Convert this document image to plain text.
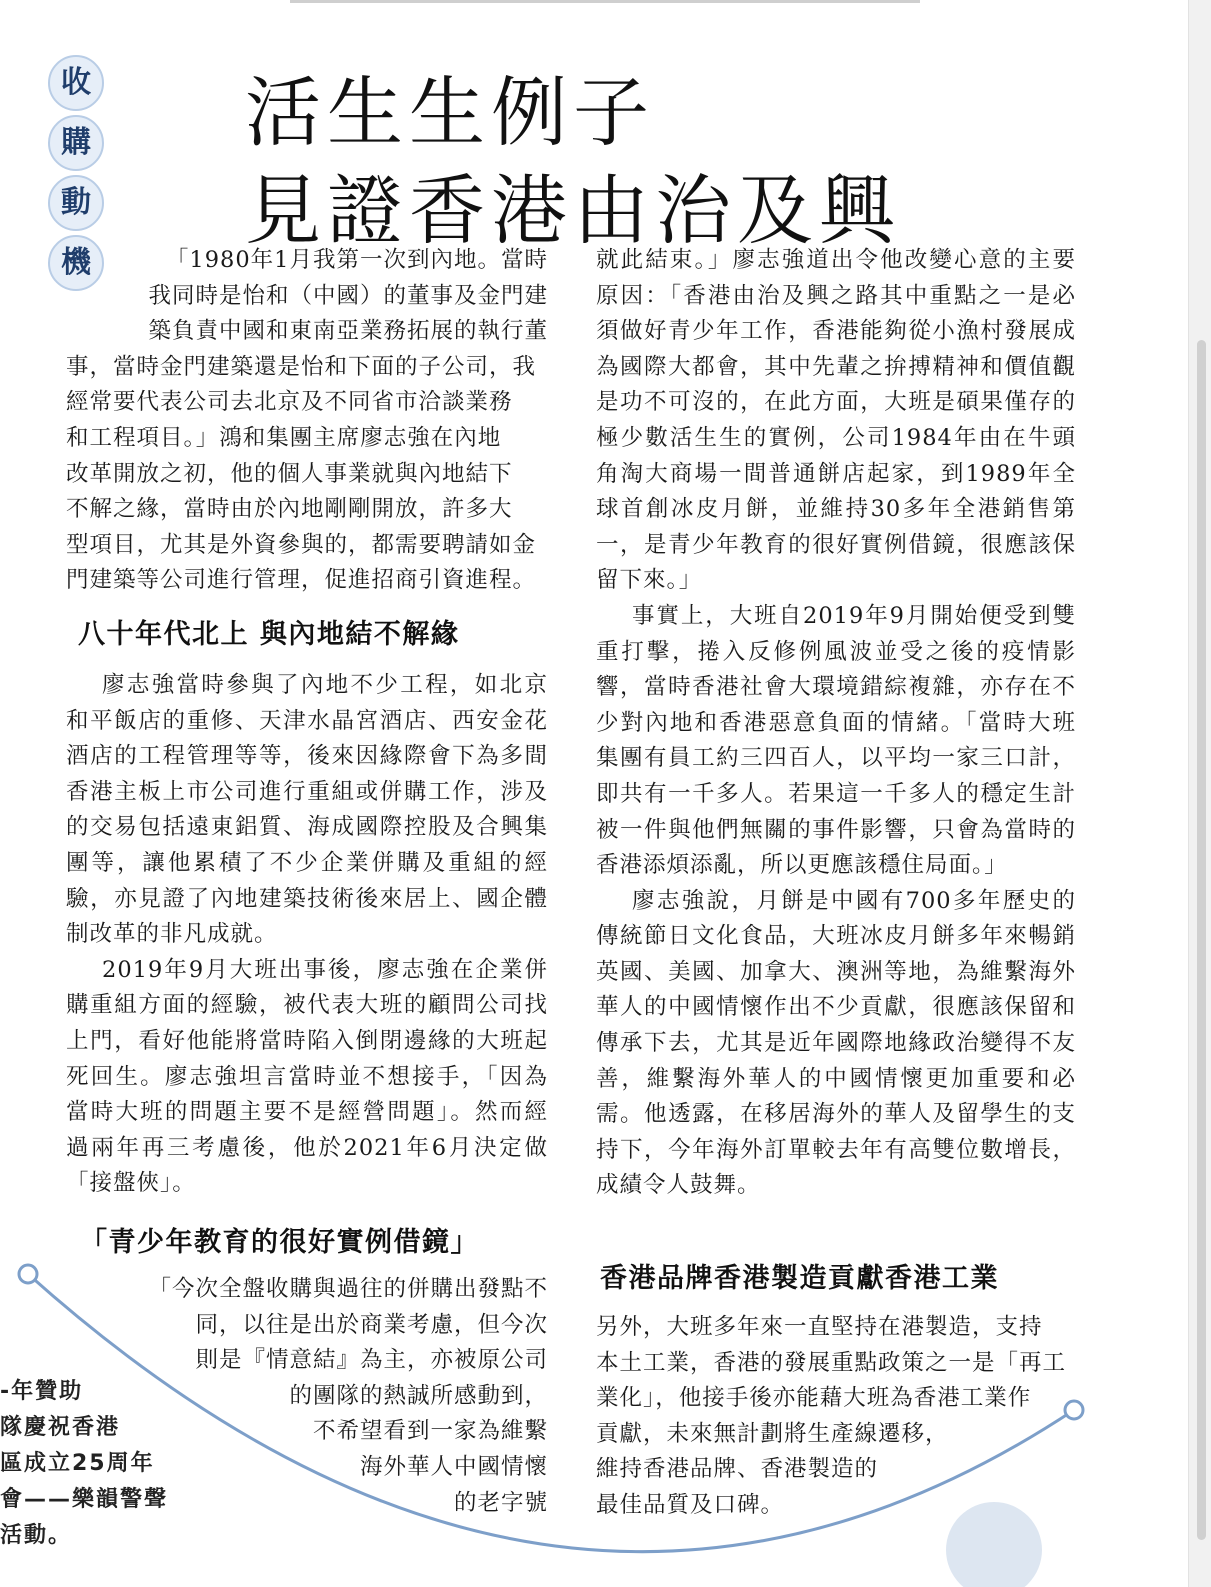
收
購
動
機
活生生例子
見證香港由治及興

「1980年1月我第一次到內地。當時

我同時是怡和（中國）的董事及金門建

築負責中國和東南亞業務拓展的執行董

事，當時金門建築還是怡和下面的子公司，我

經常要代表公司去北京及不同省市洽談業務

和工程項目。」鴻和集團主席廖志強在內地

改革開放之初，他的個人事業就與內地結下

不解之緣，當時由於內地剛剛開放，許多大

型項目，尤其是外資參與的，都需要聘請如金

門建築等公司進行管理，促進招商引資進程。

八十年代北上 與內地結不解緣

廖志強當時參與了內地不少工程，如北京和平飯店的重修、天津水晶宮酒店、西安金花酒店的工程管理等等，後來因緣際會下為多間香港主板上市公司進行重組或併購工作，涉及的交易包括遠東鋁質、海成國際控股及合興集團等，讓他累積了不少企業併購及重組的經驗，亦見證了內地建築技術後來居上、國企體制改革的非凡成就。

2019年9月大班出事後，廖志強在企業併購重組方面的經驗，被代表大班的顧問公司找上門，看好他能將當時陷入倒閉邊緣的大班起死回生。廖志強坦言當時並不想接手，「因為當時大班的問題主要不是經營問題」。然而經過兩年再三考慮後，他於2021年6月決定做「接盤俠」。

「青少年教育的很好實例借鏡」

「今次全盤收購與過往的併購出發點不

同，以往是出於商業考慮，但今次

則是『情意結』為主，亦被原公司

的團隊的熱誠所感動到，

不希望看到一家為維繫

海外華人中國情懷

的老字號

就此結束。」廖志強道出令他改變心意的主要原因：「香港由治及興之路其中重點之一是必須做好青少年工作，香港能夠從小漁村發展成為國際大都會，其中先輩之拚搏精神和價值觀是功不可沒的，在此方面，大班是碩果僅存的極少數活生生的實例，公司1984年由在牛頭角淘大商場一間普通餅店起家，到1989年全球首創冰皮月餅，並維持30多年全港銷售第一，是青少年教育的很好實例借鏡，很應該保留下來。」

事實上，大班自2019年9月開始便受到雙重打擊，捲入反修例風波並受之後的疫情影響，當時香港社會大環境錯綜複雜，亦存在不少對內地和香港惡意負面的情緒。「當時大班集團有員工約三四百人，以平均一家三口計，即共有一千多人。若果這一千多人的穩定生計被一件與他們無關的事件影響，只會為當時的香港添煩添亂，所以更應該穩住局面。」

廖志強說，月餅是中國有700多年歷史的傳統節日文化食品，大班冰皮月餅多年來暢銷英國、美國、加拿大、澳洲等地，為維繫海外華人的中國情懷作出不少貢獻，很應該保留和傳承下去，尤其是近年國際地緣政治變得不友善，維繫海外華人的中國情懷更加重要和必需。他透露，在移居海外的華人及留學生的支持下，今年海外訂單較去年有高雙位數增長，成績令人鼓舞。

香港品牌香港製造貢獻香港工業

另外，大班多年來一直堅持在港製造，支持

本土工業，香港的發展重點政策之一是「再工

業化」，他接手後亦能藉大班為香港工業作

貢獻，未來無計劃將生產線遷移，

維持香港品牌、香港製造的

最佳品質及口碑。

-年贊助

隊慶祝香港

區成立25周年

會——樂韻警聲

活動。
